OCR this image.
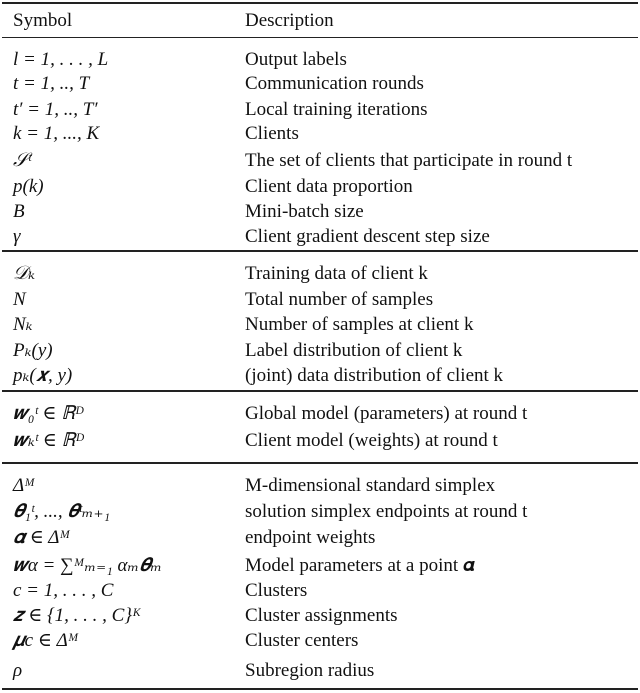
Symbol	Description
l = 1, . . . , L	Output labels
t = 1, .., T	Communication rounds
t′ = 1, .., T′	Local training iterations
k = 1, ..., K	Clients
𝒮ᵗ	The set of clients that participate in round t
p(k)	Client data proportion
B	Mini-batch size
γ	Client gradient descent step size
𝒟ₖ	Training data of client k
N	Total number of samples
Nₖ	Number of samples at client k
Pₖ(y)	Label distribution of client k
pₖ(𝒙, y)	(joint) data distribution of client k
𝒘₀ᵗ ∈ ℝᴰ	Global model (parameters) at round t
𝒘ₖᵗ ∈ ℝᴰ	Client model (weights) at round t
Δᴹ	M-dimensional standard simplex
𝜽₁ᵗ, ..., 𝜽ᵗₘ₊₁	solution simplex endpoints at round t
𝜶 ∈ Δᴹ	endpoint weights
𝒘α = ∑ᴹₘ₌₁ αₘ𝜽ₘ	Model parameters at a point 𝜶
c = 1, . . . , C	Clusters
𝒛 ∈ {1, . . . , C}ᴷ	Cluster assignments
𝝁c ∈ Δᴹ	Cluster centers
ρ	Subregion radius
